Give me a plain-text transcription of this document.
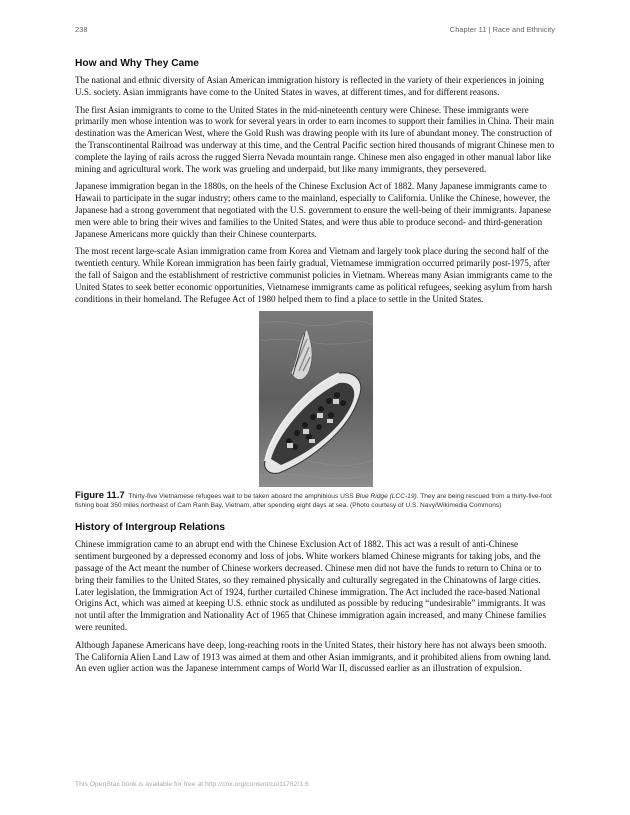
238	Chapter 11 | Race and Ethnicity
How and Why They Came

The national and ethnic diversity of Asian American immigration history is reflected in the variety of their experiences in joining U.S. society. Asian immigrants have come to the United States in waves, at different times, and for different reasons.

The first Asian immigrants to come to the United States in the mid-nineteenth century were Chinese. These immigrants were primarily men whose intention was to work for several years in order to earn incomes to support their families in China. Their main destination was the American West, where the Gold Rush was drawing people with its lure of abundant money. The construction of the Transcontinental Railroad was underway at this time, and the Central Pacific section hired thousands of migrant Chinese men to complete the laying of rails across the rugged Sierra Nevada mountain range. Chinese men also engaged in other manual labor like mining and agricultural work. The work was grueling and underpaid, but like many immigrants, they persevered.

Japanese immigration began in the 1880s, on the heels of the Chinese Exclusion Act of 1882. Many Japanese immigrants came to Hawaii to participate in the sugar industry; others came to the mainland, especially to California. Unlike the Chinese, however, the Japanese had a strong government that negotiated with the U.S. government to ensure the well-being of their immigrants. Japanese men were able to bring their wives and families to the United States, and were thus able to produce second- and third-generation Japanese Americans more quickly than their Chinese counterparts.

The most recent large-scale Asian immigration came from Korea and Vietnam and largely took place during the second half of the twentieth century. While Korean immigration has been fairly gradual, Vietnamese immigration occurred primarily post-1975, after the fall of Saigon and the establishment of restrictive communist policies in Vietnam. Whereas many Asian immigrants came to the United States to seek better economic opportunities, Vietnamese immigrants came as political refugees, seeking asylum from harsh conditions in their homeland. The Refugee Act of 1980 helped them to find a place to settle in the United States.

Figure 11.7 Thirty-five Vietnamese refugees wait to be taken aboard the amphibious USS Blue Ridge (LCC-19). They are being rescued from a thirty-five-foot fishing boat 350 miles northeast of Cam Ranh Bay, Vietnam, after spending eight days at sea. (Photo courtesy of U.S. Navy/Wikimedia Commons)
History of Intergroup Relations

Chinese immigration came to an abrupt end with the Chinese Exclusion Act of 1882. This act was a result of anti-Chinese sentiment burgeoned by a depressed economy and loss of jobs. White workers blamed Chinese migrants for taking jobs, and the passage of the Act meant the number of Chinese workers decreased. Chinese men did not have the funds to return to China or to bring their families to the United States, so they remained physically and culturally segregated in the Chinatowns of large cities. Later legislation, the Immigration Act of 1924, further curtailed Chinese immigration. The Act included the race-based National Origins Act, which was aimed at keeping U.S. ethnic stock as undiluted as possible by reducing “undesirable” immigrants. It was not until after the Immigration and Nationality Act of 1965 that Chinese immigration again increased, and many Chinese families were reunited.

Although Japanese Americans have deep, long-reaching roots in the United States, their history here has not always been smooth. The California Alien Land Law of 1913 was aimed at them and other Asian immigrants, and it prohibited aliens from owning land. An even uglier action was the Japanese internment camps of World War II, discussed earlier as an illustration of expulsion.

This OpenStax book is available for free at http://cnx.org/content/col11762/1.6
